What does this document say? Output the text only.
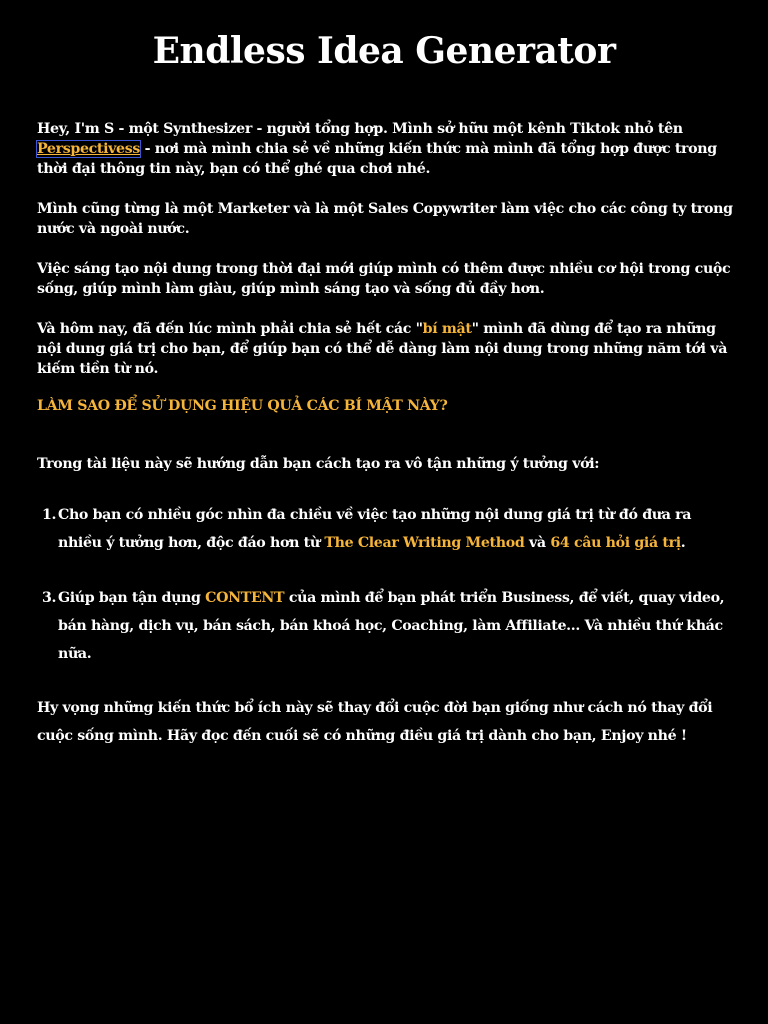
Endless Idea Generator

Hey, I'm S - một Synthesizer - người tổng hợp. Mình sở hữu một kênh Tiktok nhỏ tên Perspectivess - nơi mà mình chia sẻ về những kiến thức mà mình đã tổng hợp được trong thời đại thông tin này, bạn có thể ghé qua chơi nhé.

Mình cũng từng là một Marketer và là một Sales Copywriter làm việc cho các công ty trong nước và ngoài nước.

Việc sáng tạo nội dung trong thời đại mới giúp mình có thêm được nhiều cơ hội trong cuộc sống, giúp mình làm giàu, giúp mình sáng tạo và sống đủ đầy hơn.

Và hôm nay, đã đến lúc mình phải chia sẻ hết các "bí mật" mình đã dùng để tạo ra những nội dung giá trị cho bạn, để giúp bạn có thể dễ dàng làm nội dung trong những năm tới và kiếm tiền từ nó.

LÀM SAO ĐỂ SỬ DỤNG HIỆU QUẢ CÁC BÍ MẬT NÀY?

Trong tài liệu này sẽ hướng dẫn bạn cách tạo ra vô tận những ý tưởng với:

1. Cho bạn có nhiều góc nhìn đa chiều về việc tạo những nội dung giá trị từ đó đưa ra nhiều ý tưởng hơn, độc đáo hơn từ The Clear Writing Method và 64 câu hỏi giá trị.
3. Giúp bạn tận dụng CONTENT của mình để bạn phát triển Business, để viết, quay video, bán hàng, dịch vụ, bán sách, bán khoá học, Coaching, làm Affiliate... Và nhiều thứ khác nữa.

Hy vọng những kiến thức bổ ích này sẽ thay đổi cuộc đời bạn giống như cách nó thay đổi cuộc sống mình. Hãy đọc đến cuối sẽ có những điều giá trị dành cho bạn, Enjoy nhé !
